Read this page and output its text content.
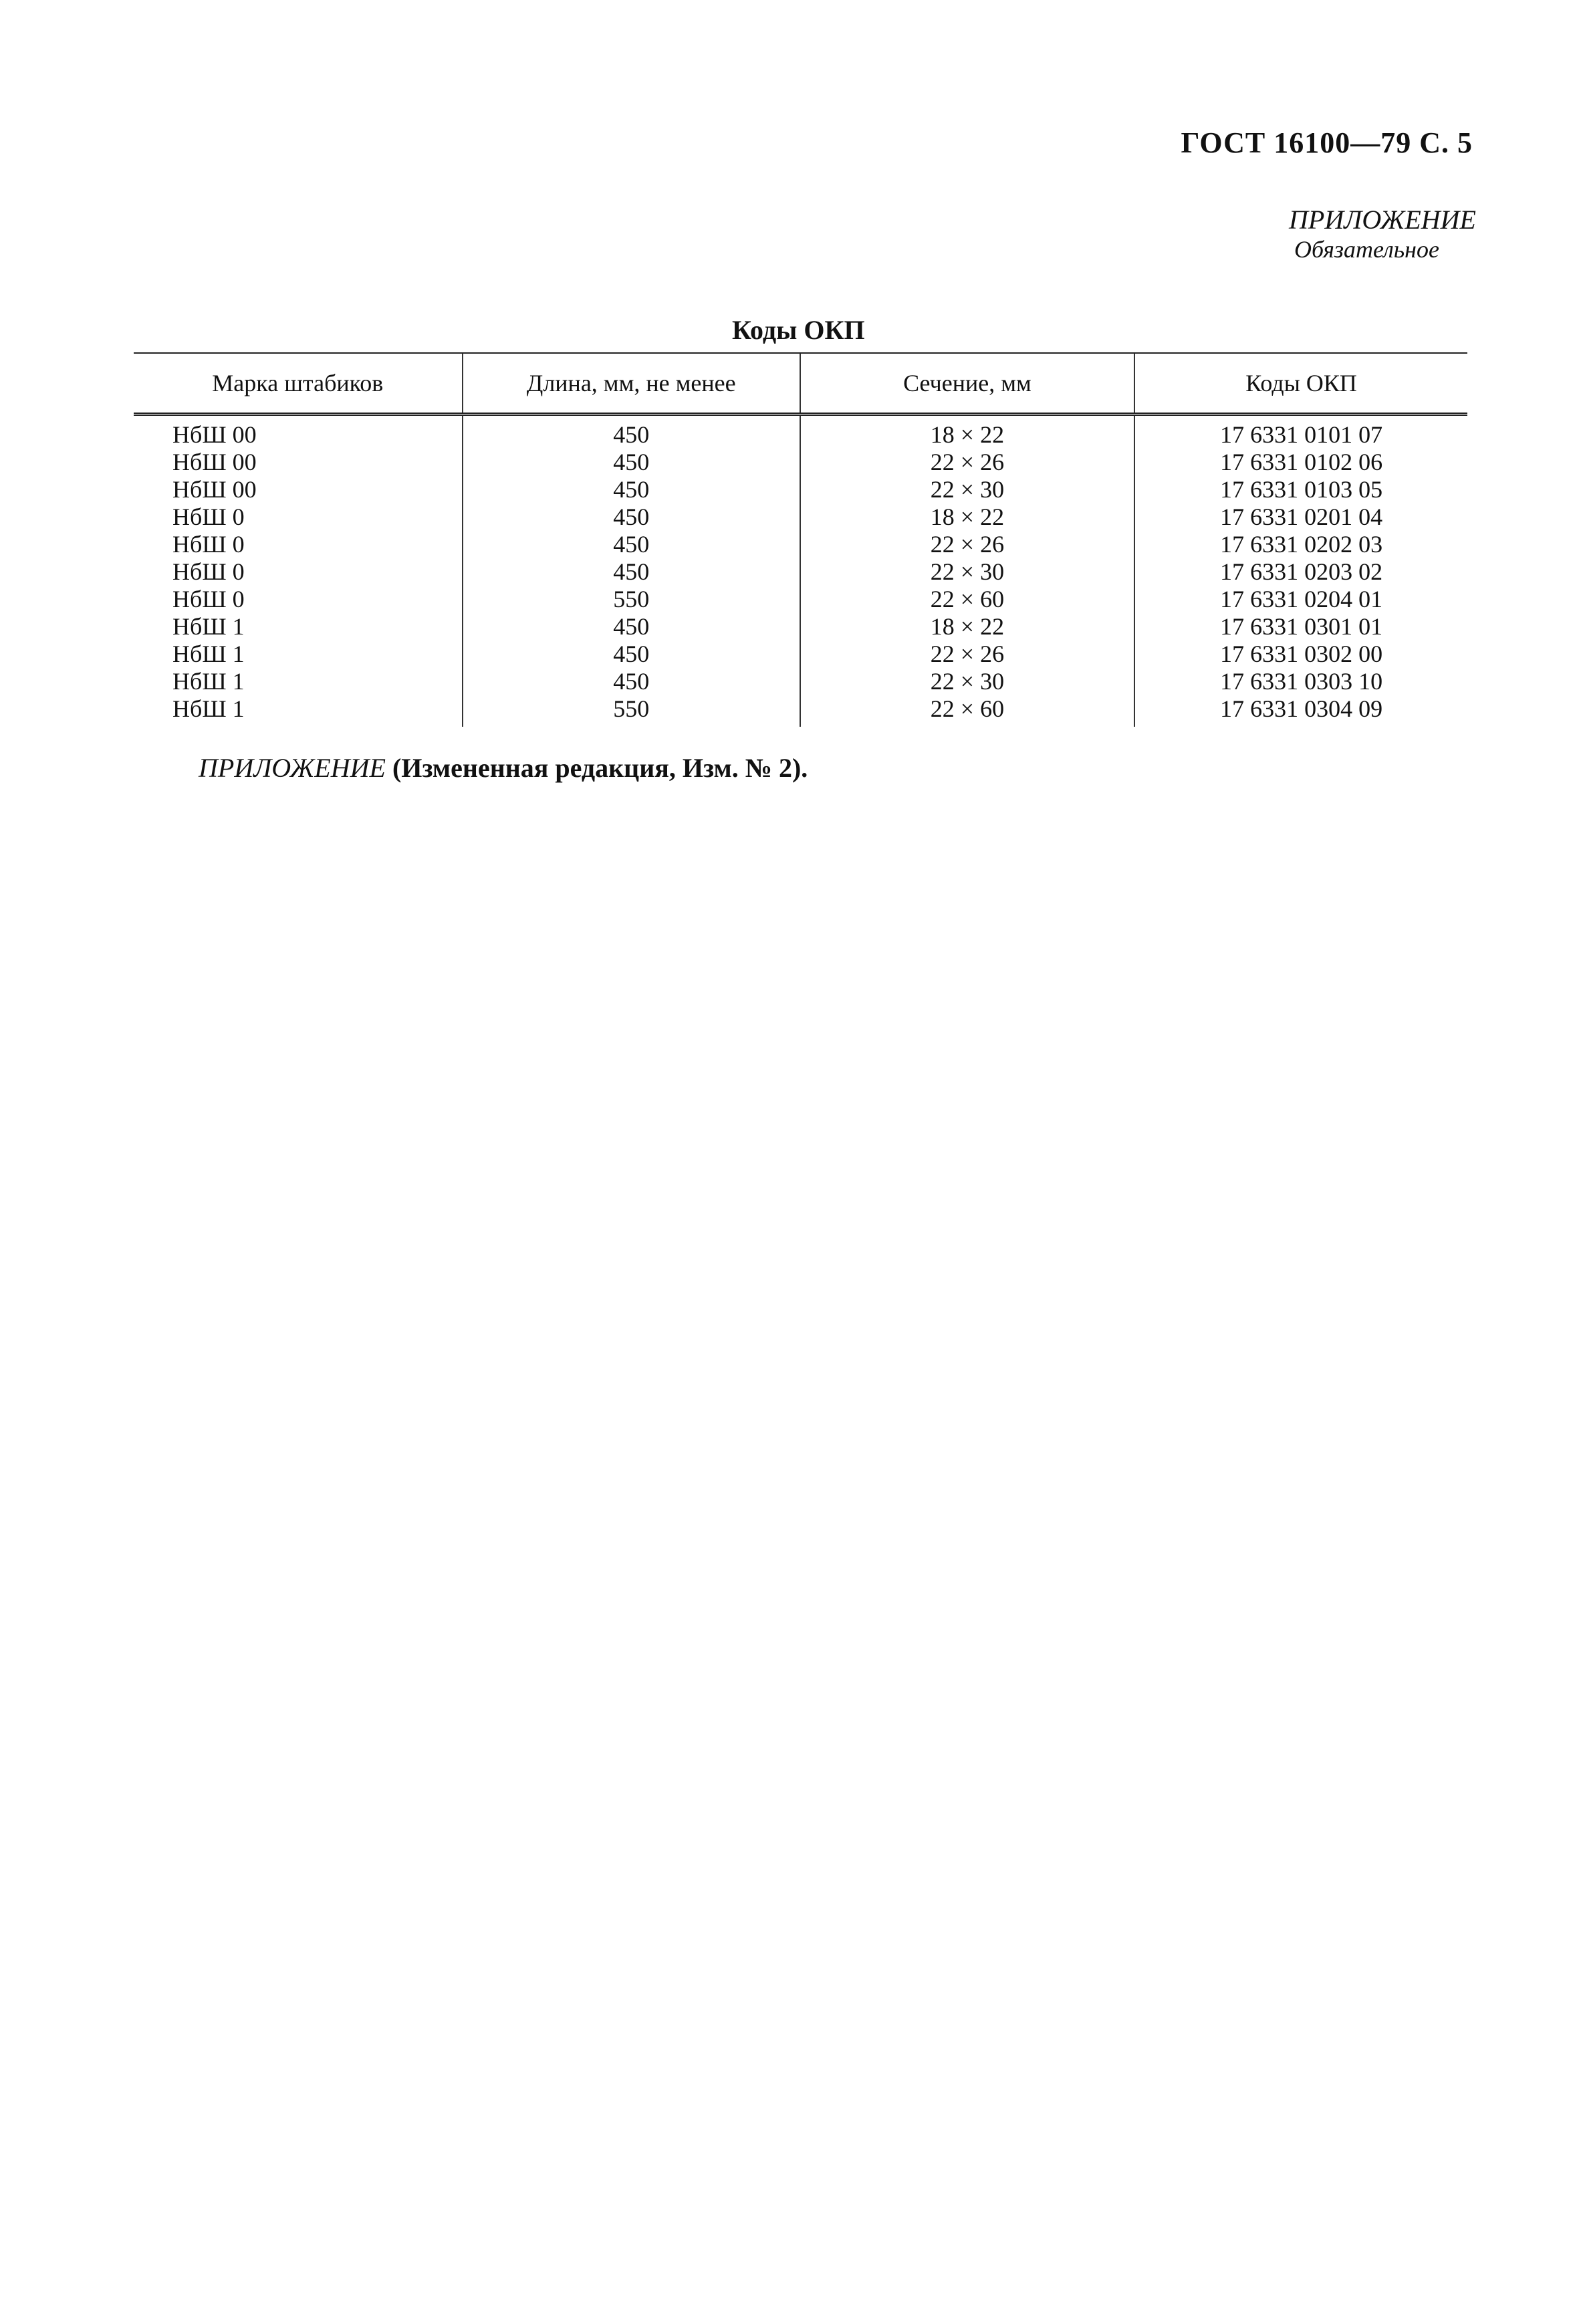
ГОСТ 16100—79 С. 5
ПРИЛОЖЕНИЕ
Обязательное
Коды ОКП
Марка штабиков	Длина, мм, не менее	Сечение, мм	Коды ОКП
НбШ 00	450	18 × 22	17 6331 0101 07
НбШ 00	450	22 × 26	17 6331 0102 06
НбШ 00	450	22 × 30	17 6331 0103 05
НбШ 0	450	18 × 22	17 6331 0201 04
НбШ 0	450	22 × 26	17 6331 0202 03
НбШ 0	450	22 × 30	17 6331 0203 02
НбШ 0	550	22 × 60	17 6331 0204 01
НбШ 1	450	18 × 22	17 6331 0301 01
НбШ 1	450	22 × 26	17 6331 0302 00
НбШ 1	450	22 × 30	17 6331 0303 10
НбШ 1	550	22 × 60	17 6331 0304 09
ПРИЛОЖЕНИЕ (Измененная редакция, Изм. № 2).
